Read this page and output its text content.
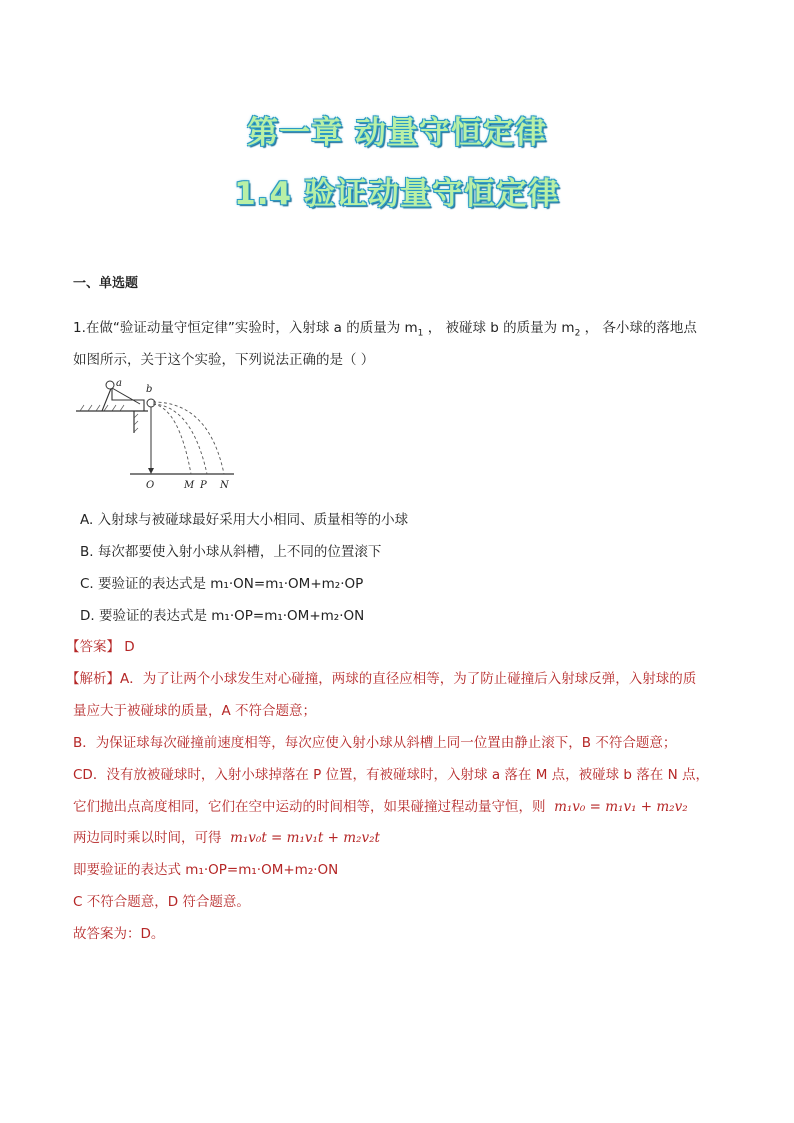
第一章 动量守恒定律
1.4 验证动量守恒定律
一、单选题
1.在做“验证动量守恒定律”实验时，入射球 a 的质量为 $m_1$ ， 被碰球 b 的质量为 $m_2$ ， 各小球的落地点
如图所示，关于这个实验，下列说法正确的是（ ）
a
b
O	M P N
A. 入射球与被碰球最好采用大小相同、质量相等的小球
B. 每次都要使入射小球从斜槽，上不同的位置滚下
C. 要验证的表达式是 m₁·ON=m₁·OM+m₂·OP
D. 要验证的表达式是 m₁·OP=m₁·OM+m₂·ON
【答案】 D
【解析】A．为了让两个小球发生对心碰撞，两球的直径应相等，为了防止碰撞后入射球反弹，入射球的质
量应大于被碰球的质量，A 不符合题意；
B．为保证球每次碰撞前速度相等，每次应使入射小球从斜槽上同一位置由静止滚下，B 不符合题意；
CD．没有放被碰球时，入射小球掉落在 P 位置，有被碰球时，入射球 a 落在 M 点，被碰球 b 落在 N 点，
它们抛出点高度相同，它们在空中运动的时间相等，如果碰撞过程动量守恒，则 m₁v₀ = m₁v₁ + m₂v₂
两边同时乘以时间，可得 m₁v₀t = m₁v₁t + m₂v₂t
即要验证的表达式 m₁·OP=m₁·OM+m₂·ON
C 不符合题意，D 符合题意。
故答案为：D。
